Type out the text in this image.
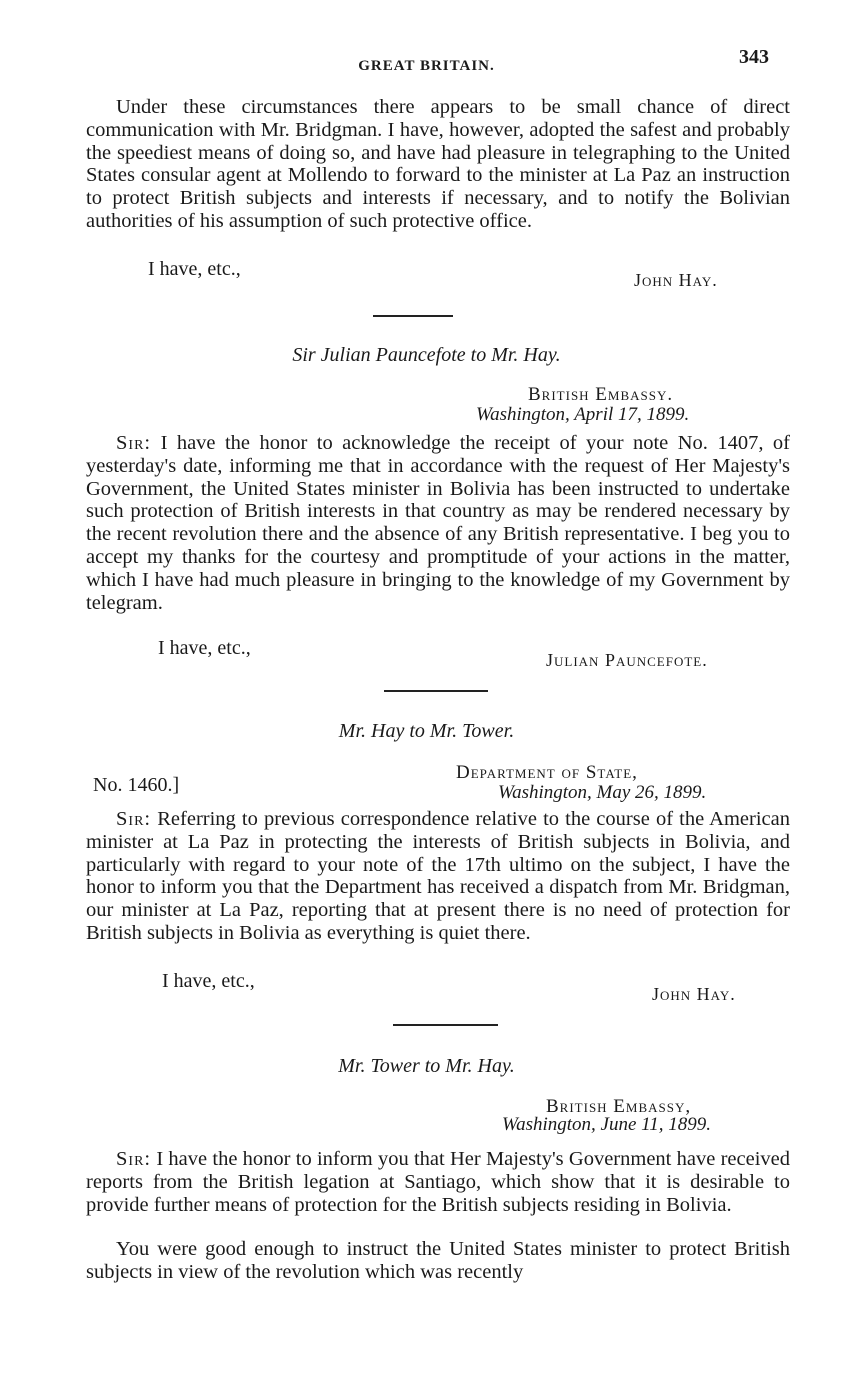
GREAT BRITAIN.	343

Under these circumstances there appears to be small chance of direct communication with Mr. Bridgman. I have, however, adopted the safest and probably the speediest means of doing so, and have had pleasure in telegraphing to the United States consular agent at Mollendo to forward to the minister at La Paz an instruction to protect British subjects and interests if necessary, and to notify the Bolivian authorities of his assumption of such protective office.

I have, etc.,	John Hay.
Sir Julian Pauncefote to Mr. Hay.
British Embassy.
Washington, April 17, 1899.

Sir: I have the honor to acknowledge the receipt of your note No. 1407, of yesterday's date, informing me that in accordance with the request of Her Majesty's Government, the United States minister in Bolivia has been instructed to undertake such protection of British interests in that country as may be rendered necessary by the recent revolution there and the absence of any British representative. I beg you to accept my thanks for the courtesy and promptitude of your actions in the matter, which I have had much pleasure in bringing to the knowledge of my Government by telegram.

I have, etc.,
Julian Pauncefote.
Mr. Hay to Mr. Tower.
No. 1460.]
Department of State,
Washington, May 26, 1899.

Sir: Referring to previous correspondence relative to the course of the American minister at La Paz in protecting the interests of British subjects in Bolivia, and particularly with regard to your note of the 17th ultimo on the subject, I have the honor to inform you that the Department has received a dispatch from Mr. Bridgman, our minister at La Paz, reporting that at present there is no need of protection for British subjects in Bolivia as everything is quiet there.

I have, etc.,
John Hay.
Mr. Tower to Mr. Hay.
British Embassy,
Washington, June 11, 1899.

Sir: I have the honor to inform you that Her Majesty's Government have received reports from the British legation at Santiago, which show that it is desirable to provide further means of protection for the British subjects residing in Bolivia.

You were good enough to instruct the United States minister to protect British subjects in view of the revolution which was recently
